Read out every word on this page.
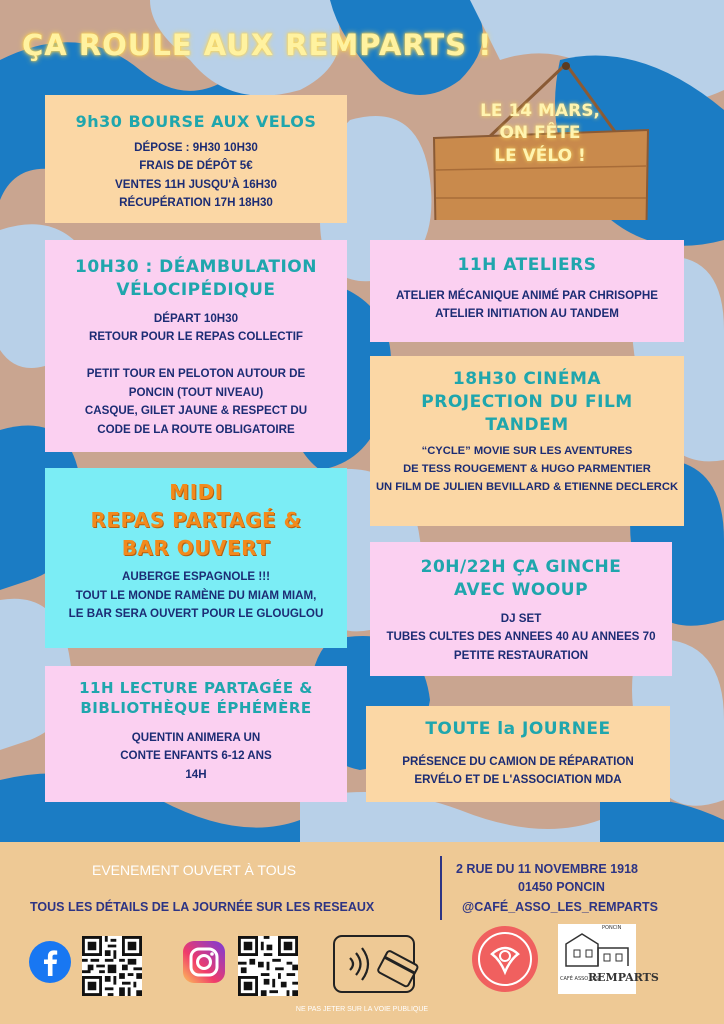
ÇA ROULE AUX REMPARTS !
LE 14 MARS,
ON FÊTE
LE VÉLO !
9h30 BOURSE AUX VELOS
DÉPOSE : 9H30 10H30
FRAIS DE DÉPÔT 5€
VENTES 11H JUSQU'À 16H30
RÉCUPÉRATION 17H 18H30
10H30 : DÉAMBULATION
VÉLOCIPÉDIQUE
DÉPART 10H30
RETOUR POUR LE REPAS COLLECTIF
PETIT TOUR EN PELOTON AUTOUR DE
PONCIN (TOUT NIVEAU)
CASQUE, GILET JAUNE & RESPECT DU
CODE DE LA ROUTE OBLIGATOIRE
MIDI
REPAS PARTAGÉ &
BAR OUVERT
AUBERGE ESPAGNOLE !!!
TOUT LE MONDE RAMÈNE DU MIAM MIAM,
LE BAR SERA OUVERT POUR LE GLOUGLOU
11H LECTURE PARTAGÉE &
BIBLIOTHÈQUE ÉPHÉMÈRE
QUENTIN ANIMERA UN
CONTE ENFANTS 6-12 ANS
14H
11H ATELIERS
ATELIER MÉCANIQUE ANIMÉ PAR CHRISOPHE
ATELIER INITIATION AU TANDEM
18H30 CINÉMA
PROJECTION DU FILM
TANDEM
“CYCLE” MOVIE SUR LES AVENTURES
DE TESS ROUGEMENT & HUGO PARMENTIER
UN FILM DE JULIEN BEVILLARD & ETIENNE DECLERCK
20H/22H ÇA GINCHE
AVEC WOOUP
DJ SET
TUBES CULTES DES ANNEES 40 AU ANNEES 70
PETITE RESTAURATION
TOUTE la JOURNEE
PRÉSENCE DU CAMION DE RÉPARATION
ERVÉLO ET DE L'ASSOCIATION MDA
EVENEMENT OUVERT À TOUS
TOUS LES DÉTAILS DE LA JOURNÉE SUR LES RESEAUX
2 RUE DU 11 NOVEMBRE 1918
01450 PONCIN
@CAFÉ_ASSO_LES_REMPARTS
PONCIN
CAFÉ ASSO LES
REMPARTS
NE PAS JETER SUR LA VOIE PUBLIQUE
